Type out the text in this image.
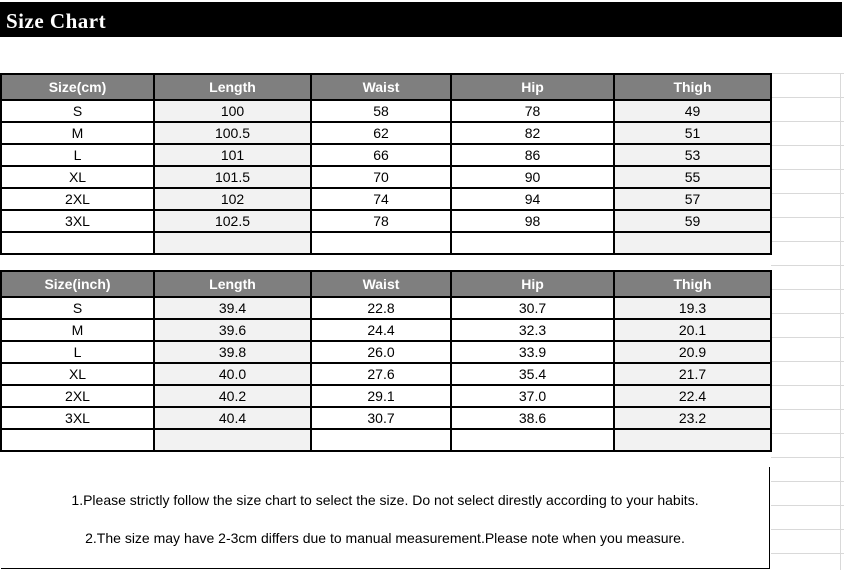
Size Chart
Size(cm)	Length	Waist	Hip	Thigh
S	100	58	78	49
M	100.5	62	82	51
L	101	66	86	53
XL	101.5	70	90	55
2XL	102	74	94	57
3XL	102.5	78	98	59

Size(inch)	Length	Waist	Hip	Thigh
S	39.4	22.8	30.7	19.3
M	39.6	24.4	32.3	20.1
L	39.8	26.0	33.9	20.9
XL	40.0	27.6	35.4	21.7
2XL	40.2	29.1	37.0	22.4
3XL	40.4	30.7	38.6	23.2

1.Please strictly follow the size chart to select the size. Do not select direstly according to your habits.
2.The size may have 2-3cm differs due to manual measurement.Please note when you measure.
